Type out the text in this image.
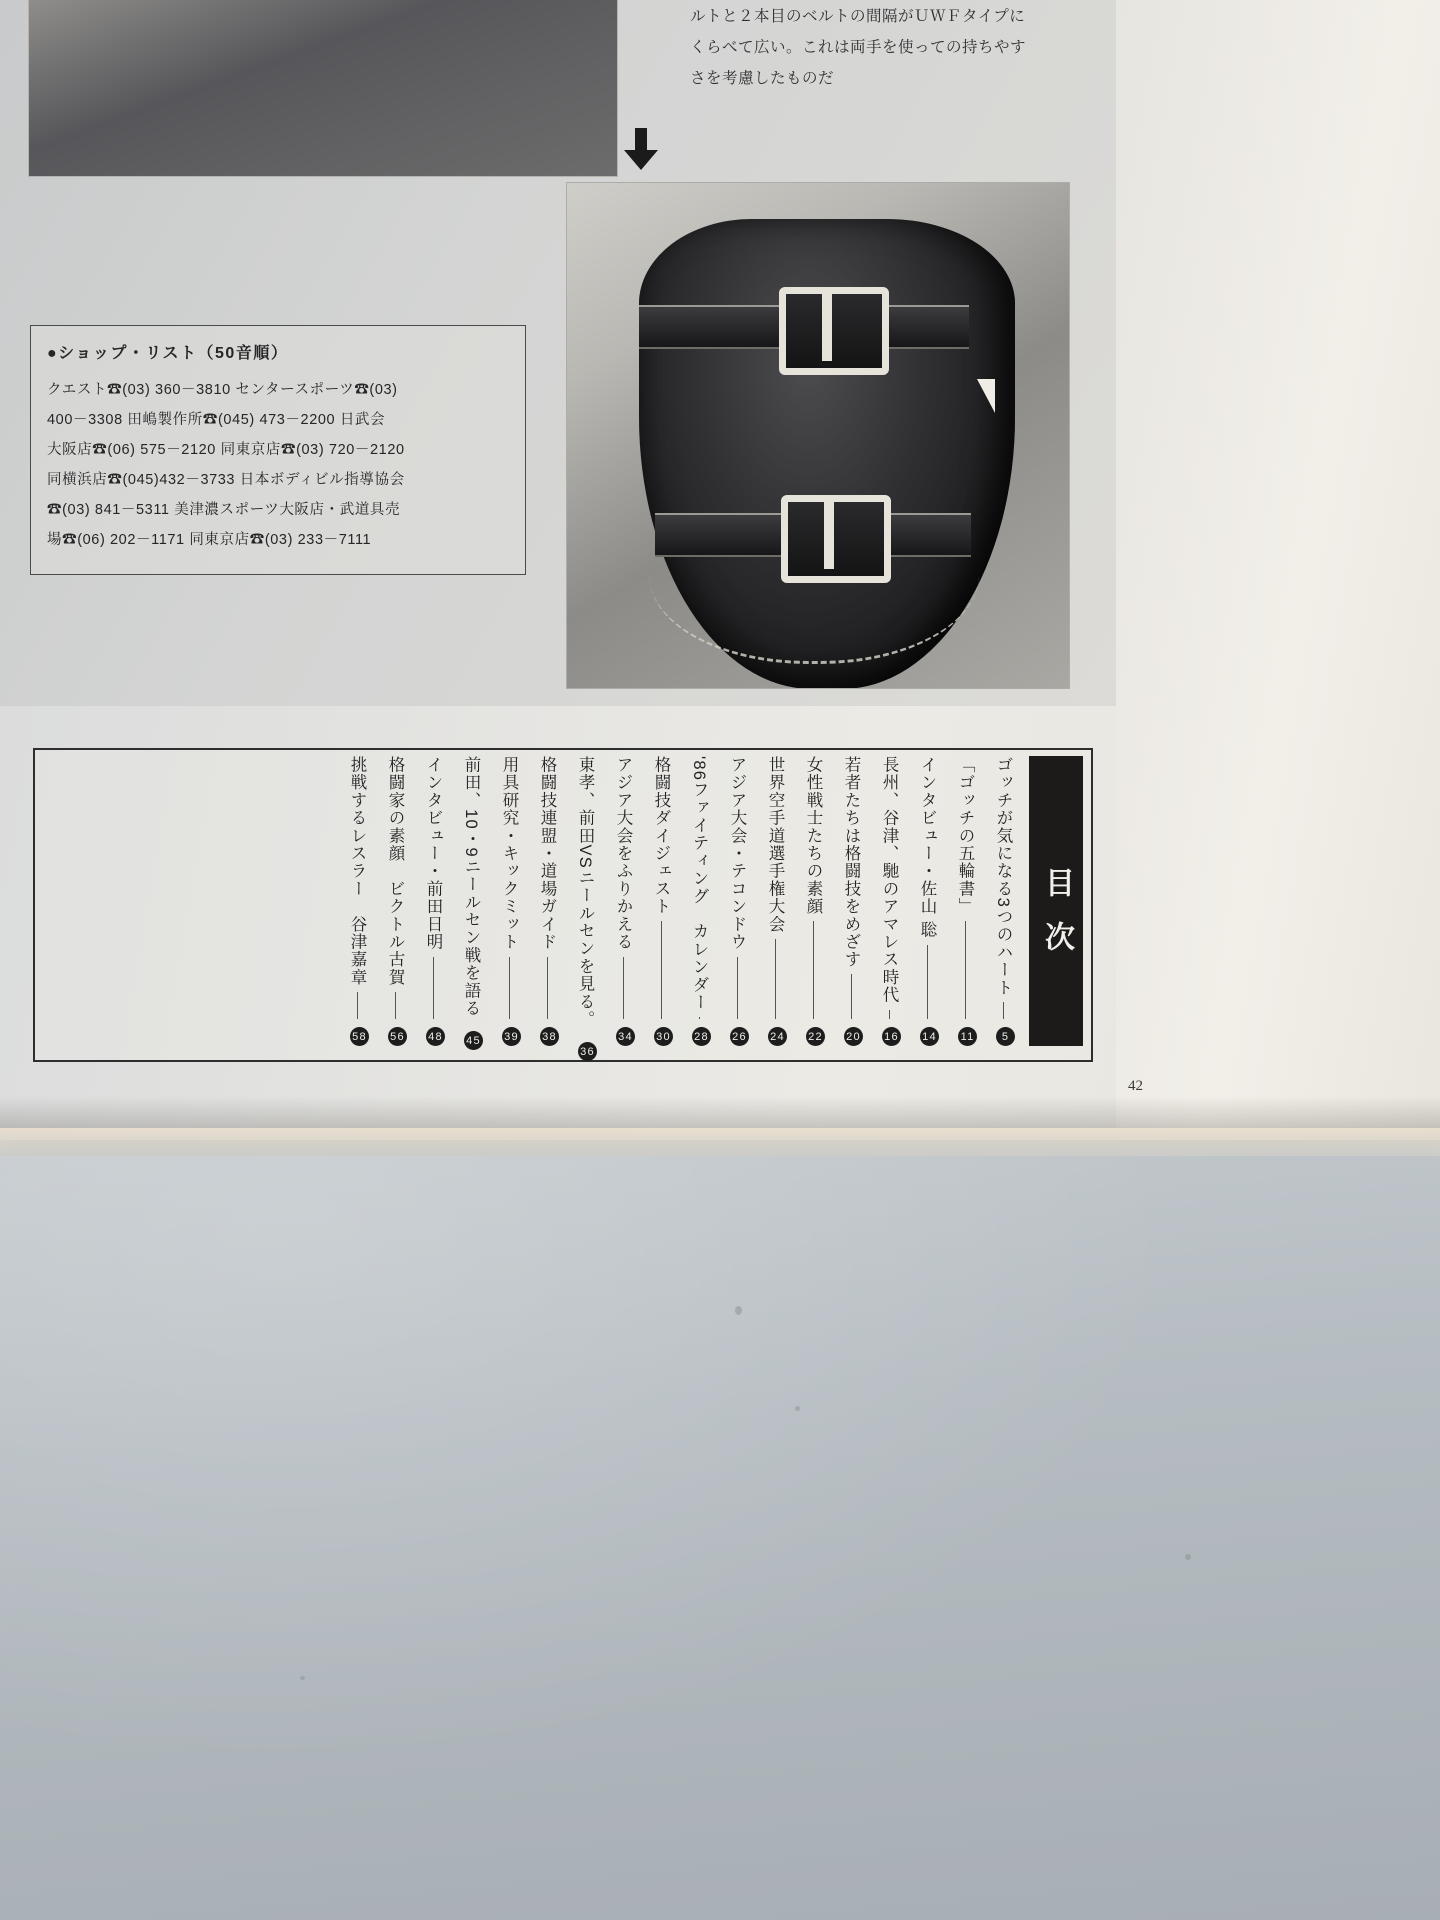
ルトと２本目のベルトの間隔がＵＷＦタイプに

くらべて広い。これは両手を使っての持ちやす

さを考慮したものだ

●ショップ・リスト（50音順）
クエスト☎(03) 360－3810 センタースポーツ☎(03)
400－3308 田嶋製作所☎(045) 473－2200 日武会
大阪店☎(06) 575－2120 同東京店☎(03) 720－2120
同横浜店☎(045)432－3733 日本ボディビル指導協会
☎(03) 841－5311 美津濃スポーツ大阪店・武道具売
場☎(06) 202－1171 同東京店☎(03) 233－7111
挑戦するレスラー　谷津嘉章
58
格闘家の素顔　ビクトル古賀
56
インタビュー・前田日明
48
前田、10・9ニールセン戦を語る
45
用具研究・キックミット
39
格闘技連盟・道場ガイド
38
東孝、前田VSニールセンを見る。
36
アジア大会をふりかえる
34
格闘技ダイジェスト
30
'86ファイティング　カレンダー
28
アジア大会・テコンドウ
26
世界空手道選手権大会
24
女性戦士たちの素顔
22
若者たちは格闘技をめざす
20
長州、谷津、馳のアマレス時代
16
インタビュー・佐山 聡
14
「ゴッチの五輪書」
11
ゴッチが気になる3つのハート
5
目次
42
